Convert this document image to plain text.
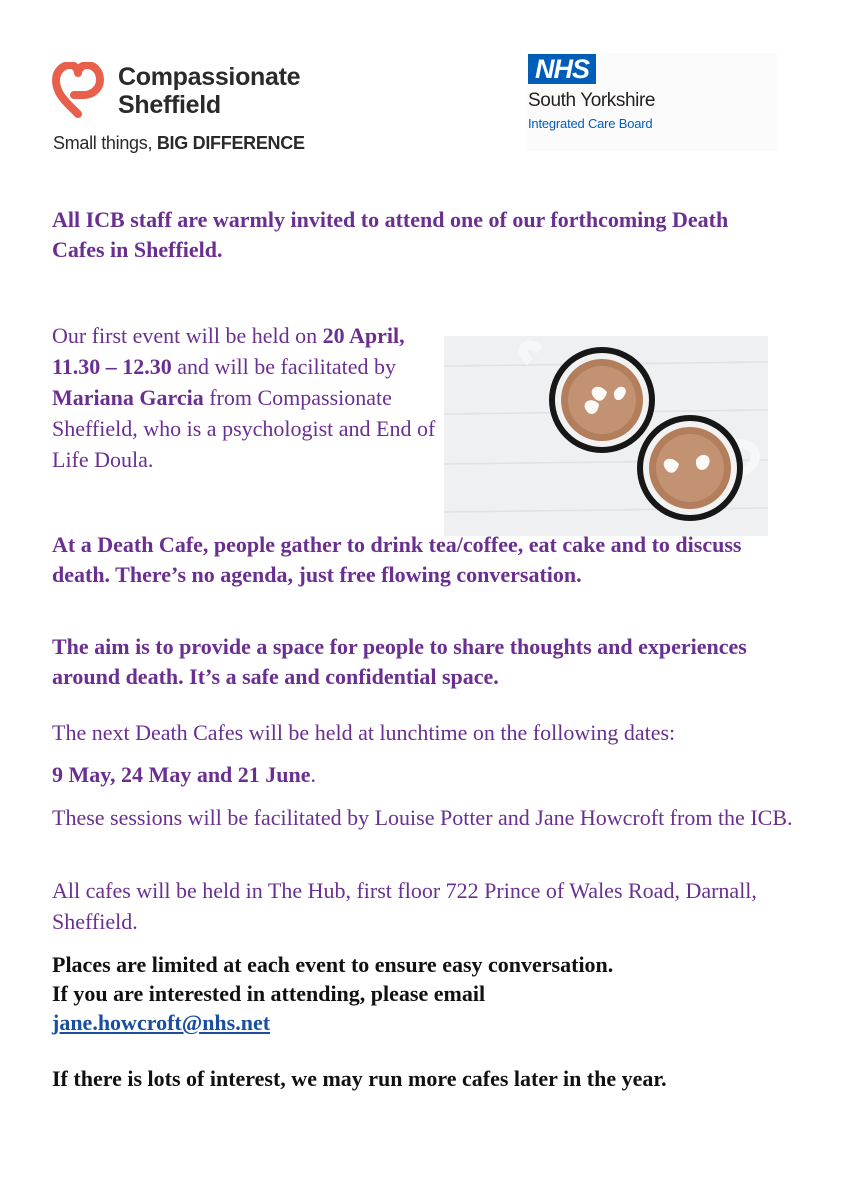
Compassionate
Sheffield
Small things, BIG DIFFERENCE
NHS
South Yorkshire
Integrated Care Board
All ICB staff are warmly invited to attend one of our forthcoming Death Cafes in Sheffield.
Our first event will be held on 20 April, 11.30 – 12.30 and will be facilitated by Mariana Garcia from Compassionate Sheffield, who is a psychologist and End of Life Doula.
At a Death Cafe, people gather to drink tea/coffee, eat cake and to discuss death. There’s no agenda, just free flowing conversation.
The aim is to provide a space for people to share thoughts and experiences around death. It’s a safe and confidential space.
The next Death Cafes will be held at lunchtime on the following dates:
9 May, 24 May and 21 June.
These sessions will be facilitated by Louise Potter and Jane Howcroft from the ICB.
All cafes will be held in The Hub, first floor 722 Prince of Wales Road, Darnall, Sheffield.
Places are limited at each event to ensure easy conversation.
If you are interested in attending, please email
jane.howcroft@nhs.net
If there is lots of interest, we may run more cafes later in the year.
